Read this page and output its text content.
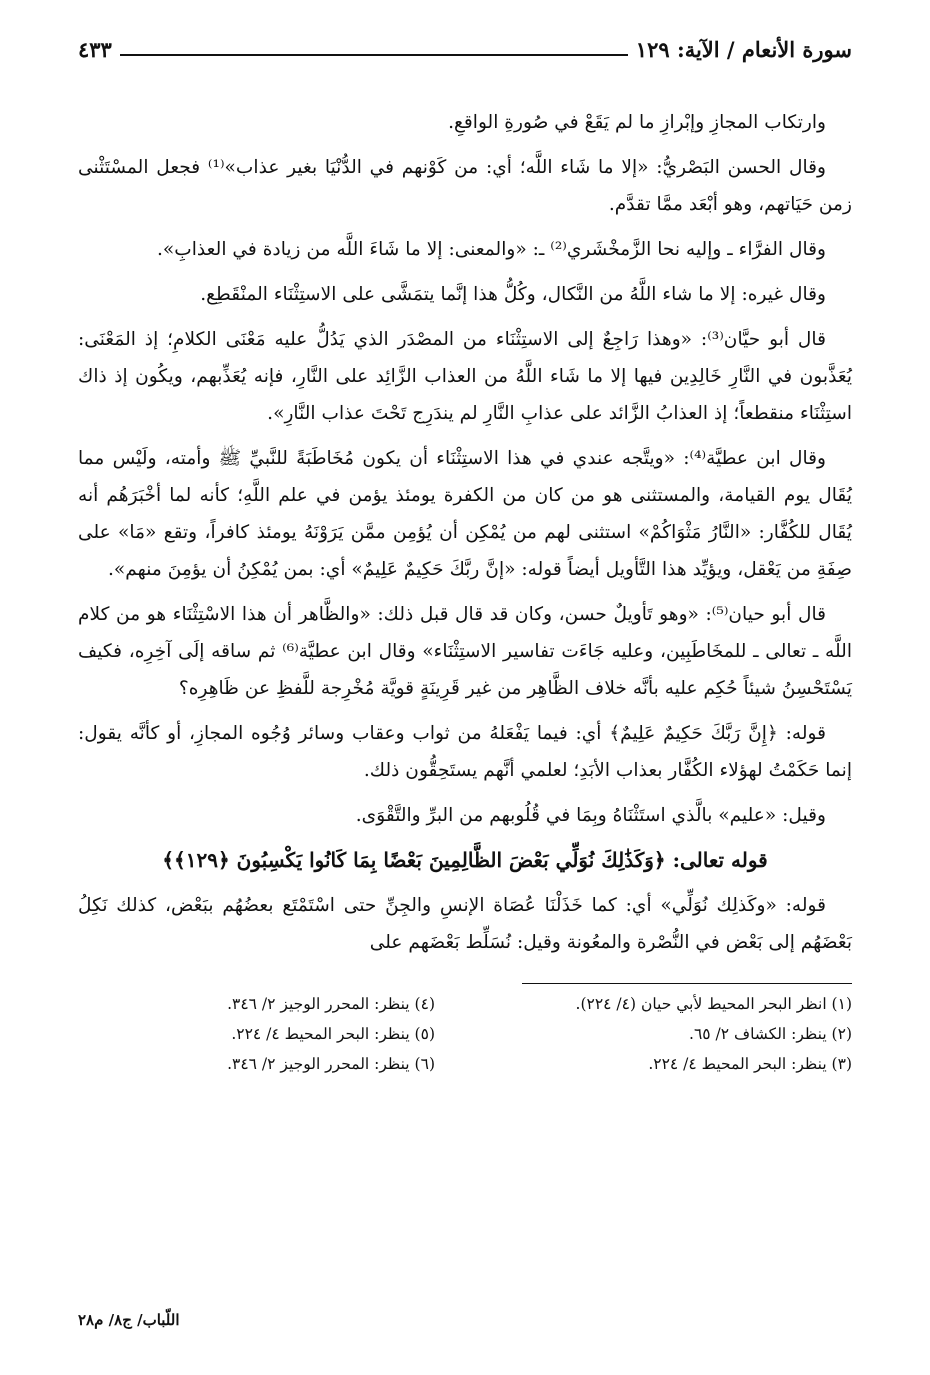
سورة الأنعام / الآية: ١٢٩
٤٣٣

وارتكاب المجازِ وإبْرازِ ما لم يَقَعْ في صُورةِ الواقعِ.

وقال الحسن البَصْريُّ: «إلا ما شَاء اللَّه؛ أي: من كَوْنهم في الدُّنْيَا بغير عذاب»⁽¹⁾ فجعل المسْتَثْنى زمن حَيَاتهم، وهو أبْعَد ممَّا تقدَّم.

وقال الفرَّاء ـ وإليه نحا الزَّمخْشَري⁽²⁾ ـ: «والمعنى: إلا ما شَاءَ اللَّه من زيادة في العذابِ».

وقال غيره: إلا ما شاء اللَّهُ من النَّكال، وكُلُّ هذا إنَّما يتمَشَّى على الاستِثْنَاء المنْقَطِع.

قال أبو حيَّان⁽³⁾: «وهذا رَاجِعٌ إلى الاستِثْنَاء من المصْدَر الذي يَدُلُّ عليه مَعْنَى الكلامِ؛ إذ المَعْنَى: يُعَذَّبون في النَّارِ خَالِدِين فيها إلا ما شَاء اللَّهُ من العذاب الزَّائِد على النَّارِ، فإنه يُعَذِّبهم، ويكُون إذ ذاك استِثْنَاء منقطعاً؛ إذ العذابُ الزَّائد على عذابِ النَّارِ لم يندَرِج تَحْتَ عذاب النَّارِ».

وقال ابن عطيَّة⁽⁴⁾: «ويتَّجه عندي في هذا الاستِثْنَاء أن يكون مُخَاطَبَةً للنَّبيِّ ﷺ وأمته، ولَيْس مما يُقَال يوم القيامة، والمستثنى هو من كان من الكفرة يومئذ يؤمن في علم اللَّهِ؛ كأنه لما أخْبَرَهُم أنه يُقَال للكُفَّار: «النَّارُ مَثْوَاكُمْ» استثنى لهم من يُمْكِن أن يُؤمِن ممَّن يَرَوْنَهُ يومئذ كافراً، وتقع «مَا» على صِفَةِ من يَعْقل، ويؤيِّد هذا التَّأويل أيضاً قوله: «إنَّ ربَّكَ حَكِيمٌ عَلِيمٌ» أي: بمن يُمْكِنُ أن يؤمِنَ منهم».

قال أبو حيان⁽⁵⁾: «وهو تَأويلٌ حسن، وكان قد قال قبل ذلك: «والظَّاهر أن هذا الاسْتِثْنَاء هو من كلام اللَّه ـ تعالى ـ للمخَاطَبِين، وعليه جَاءَت تفاسير الاستِثْنَاء» وقال ابن عطيَّة⁽⁶⁾ ثم ساقه إلَى آخِرِه، فكيف يَسْتَحْسِنُ شيئاً حُكِم عليه بأنَّه خلاف الظَّاهِر من غير قَرِينَةٍ قويَّة مُخْرِجة للَّفظِ عن ظَاهِرِه؟

قوله: ﴿إِنَّ رَبَّكَ حَكِيمٌ عَلِيمٌ﴾ أي: فيما يَفْعَلهُ من ثواب وعقاب وسائر وُجُوه المجازِ، أو كأنَّه يقول: إنما حَكَمْتُ لهؤلاء الكُفَّار بعذاب الأبَدِ؛ لعلمي أنَّهم يستَحِقُّون ذلك.

وقيل: «عليم» بالَّذي استَثْنَاهُ وبِمَا في قُلُوبهم من البرِّ والتَّقْوَى.

قوله تعالى: ﴿وَكَذَٰلِكَ نُوَلِّي بَعْضَ الظَّالِمِينَ بَعْضًا بِمَا كَانُوا يَكْسِبُونَ ﴿١٢٩﴾﴾

قوله: «وكَذلِك نُوَلِّي» أي: كما خَذَلْنَا عُصَاة الإنسِ والجِنِّ حتى اسْتَمْتَع بعضُهُم ببَعْض، كذلك نَكِلُ بَعْضَهُم إلى بَعْض في النُّصْرة والمعُونة وقيل: نُسَلِّط بَعْضَهم على

(١) انظر البحر المحيط لأبي حيان (٤/ ٢٢٤).
(٤) ينظر: المحرر الوجيز ٢/ ٣٤٦.
(٢) ينظر: الكشاف ٢/ ٦٥.
(٥) ينظر: البحر المحيط ٤/ ٢٢٤.
(٣) ينظر: البحر المحيط ٤/ ٢٢٤.
(٦) ينظر: المحرر الوجيز ٢/ ٣٤٦.
اللّباب/ ج٨/ م٢٨
